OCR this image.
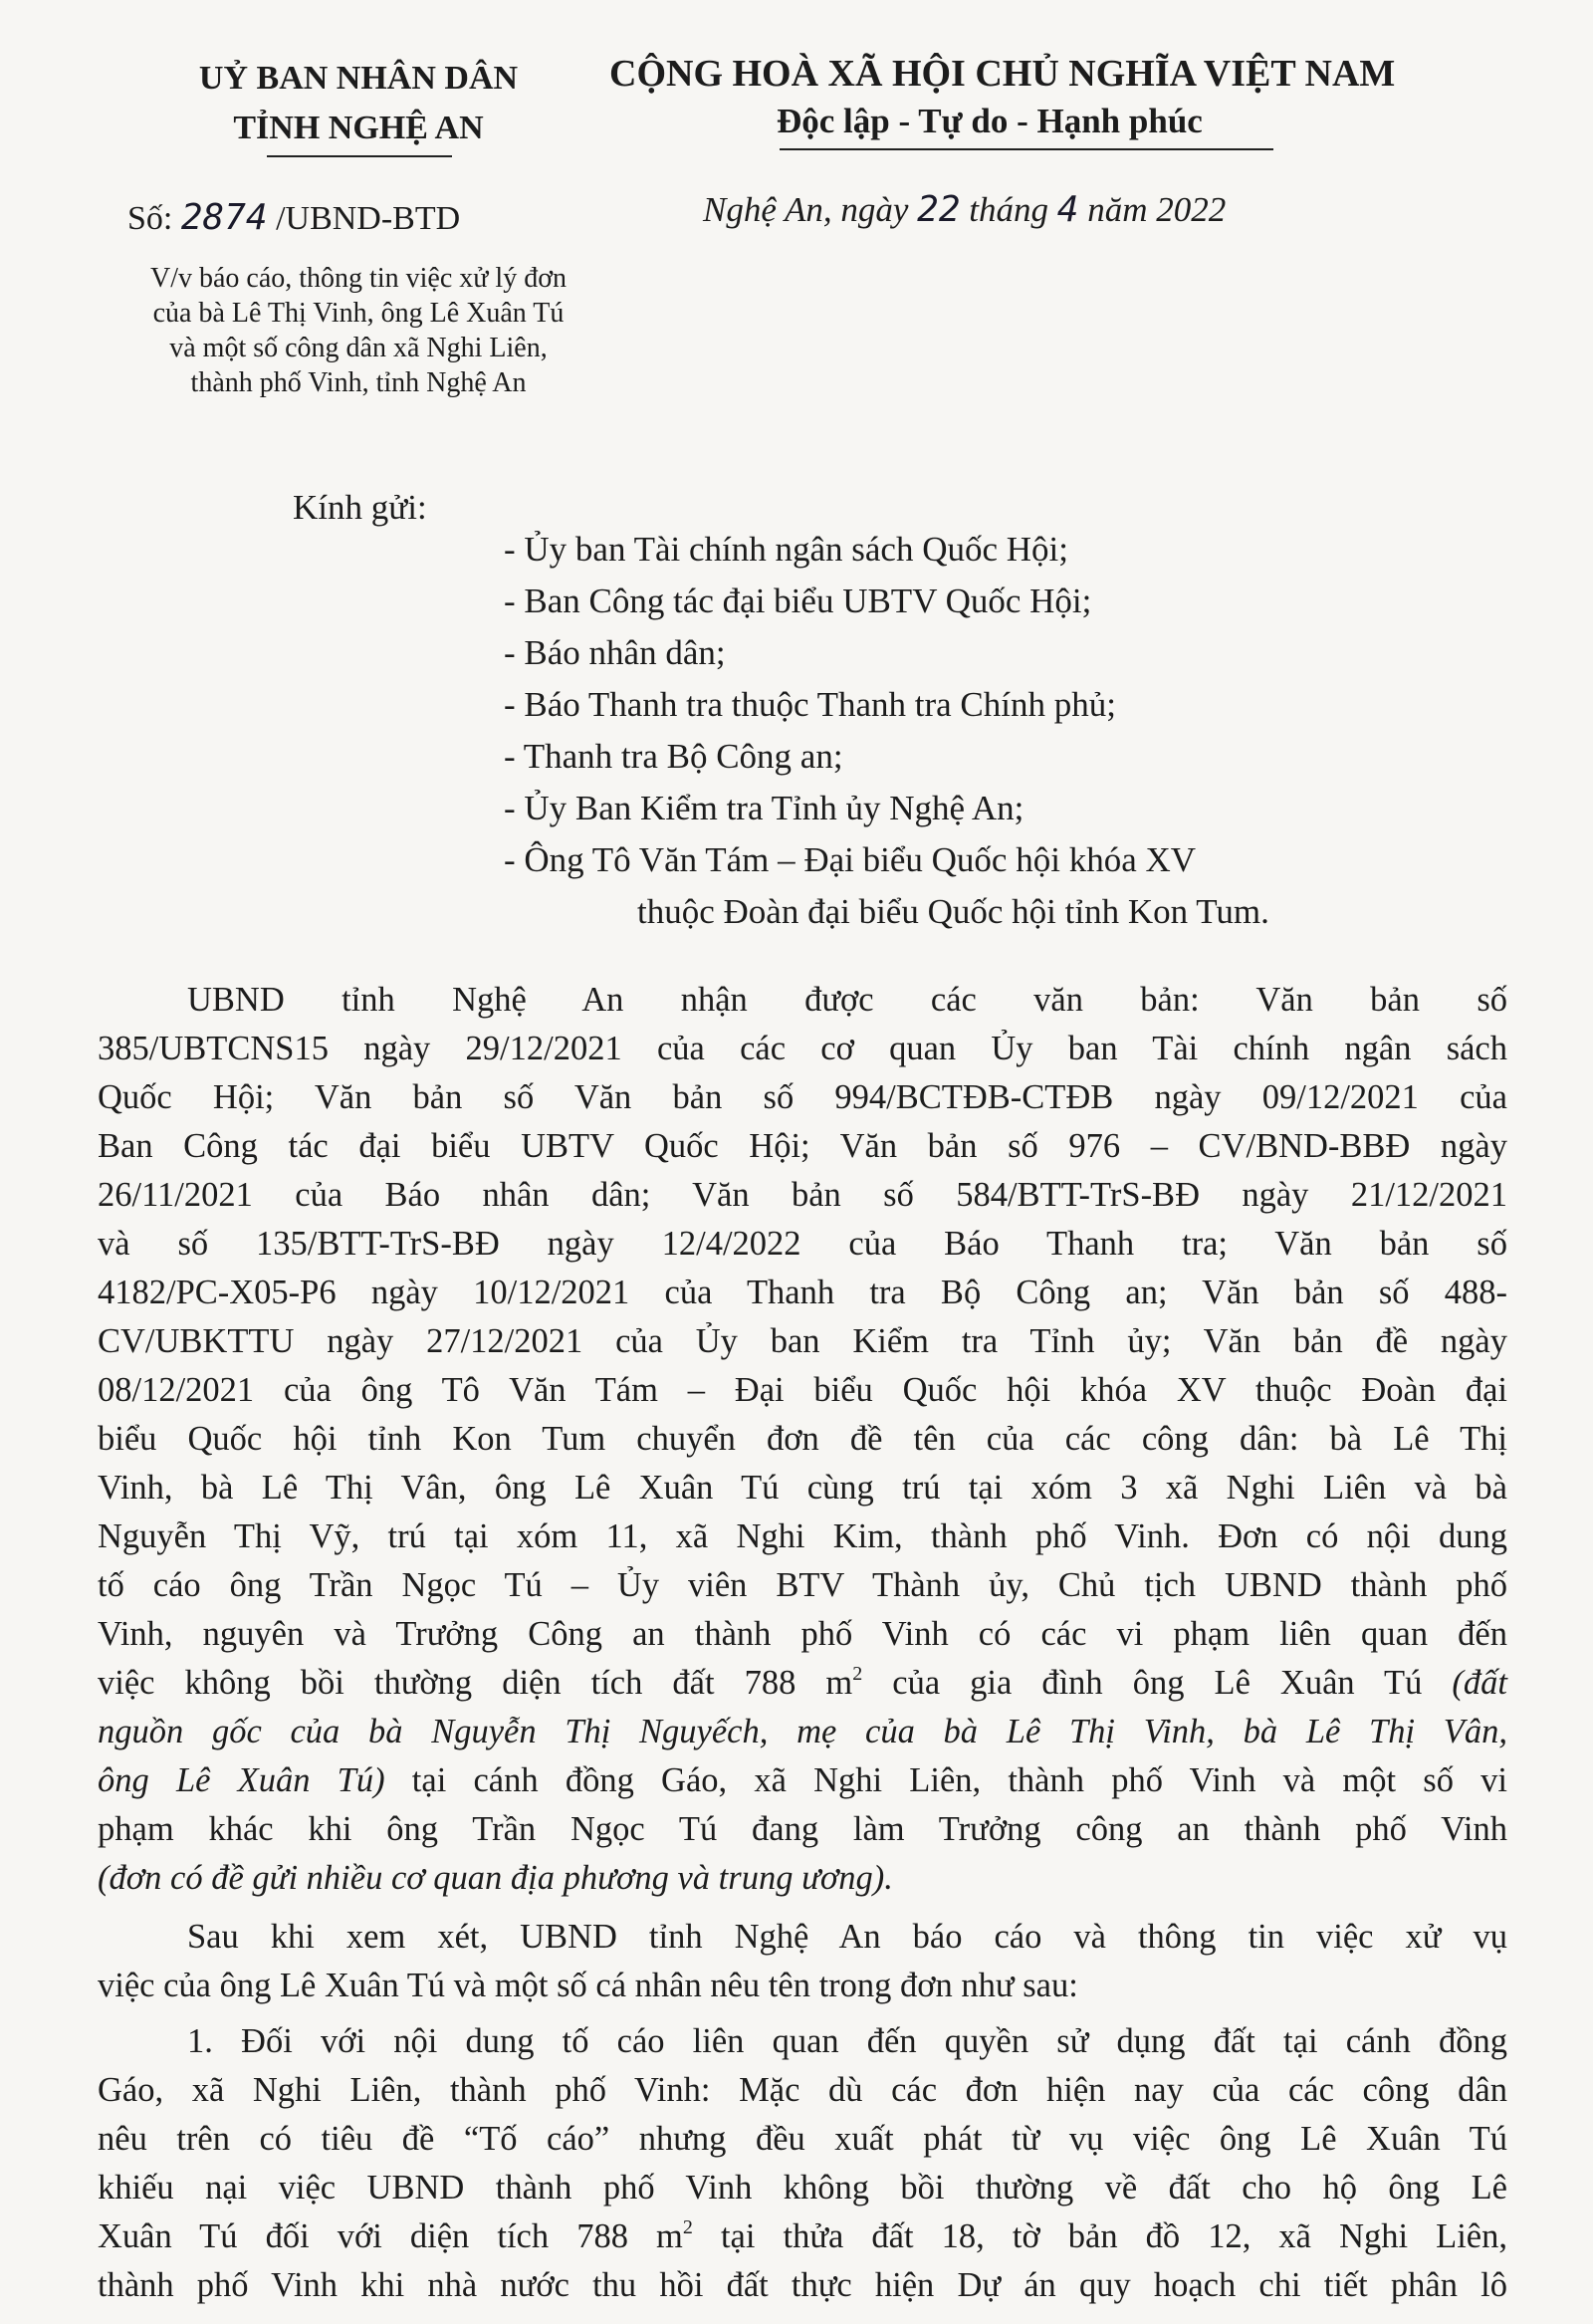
UỶ BAN NHÂN DÂN
TỈNH NGHỆ AN
CỘNG HOÀ XÃ HỘI CHỦ NGHĨA VIỆT NAM
Độc lập - Tự do - Hạnh phúc
Số: 2874 /UBND-BTD
V/v báo cáo, thông tin việc xử lý đơn
của bà Lê Thị Vinh, ông Lê Xuân Tú
và một số công dân xã Nghi Liên,
thành phố Vinh, tỉnh Nghệ An
Nghệ An, ngày 22 tháng 4 năm 2022
Kính gửi:
- Ủy ban Tài chính ngân sách Quốc Hội;
- Ban Công tác đại biểu UBTV Quốc Hội;
- Báo nhân dân;
- Báo Thanh tra thuộc Thanh tra Chính phủ;
- Thanh tra Bộ Công an;
- Ủy Ban Kiểm tra Tỉnh ủy Nghệ An;
- Ông Tô Văn Tám – Đại biểu Quốc hội khóa XV
thuộc Đoàn đại biểu Quốc hội tỉnh Kon Tum.
UBND tỉnh Nghệ An nhận được các văn bản: Văn bản số
385/UBTCNS15 ngày 29/12/2021 của các cơ quan Ủy ban Tài chính ngân sách
Quốc Hội; Văn bản số Văn bản số 994/BCTĐB-CTĐB ngày 09/12/2021 của
Ban Công tác đại biểu UBTV Quốc Hội; Văn bản số 976 – CV/BND-BBĐ ngày
26/11/2021 của Báo nhân dân; Văn bản số 584/BTT-TrS-BĐ ngày 21/12/2021
và số 135/BTT-TrS-BĐ ngày 12/4/2022 của Báo Thanh tra; Văn bản số
4182/PC-X05-P6 ngày 10/12/2021 của Thanh tra Bộ Công an; Văn bản số 488-
CV/UBKTTU ngày 27/12/2021 của Ủy ban Kiểm tra Tỉnh ủy; Văn bản đề ngày
08/12/2021 của ông Tô Văn Tám – Đại biểu Quốc hội khóa XV thuộc Đoàn đại
biểu Quốc hội tỉnh Kon Tum chuyển đơn đề tên của các công dân: bà Lê Thị
Vinh, bà Lê Thị Vân, ông Lê Xuân Tú cùng trú tại xóm 3 xã Nghi Liên và bà
Nguyễn Thị Vỹ, trú tại xóm 11, xã Nghi Kim, thành phố Vinh. Đơn có nội dung
tố cáo ông Trần Ngọc Tú – Ủy viên BTV Thành ủy, Chủ tịch UBND thành phố
Vinh, nguyên và Trưởng Công an thành phố Vinh có các vi phạm liên quan đến
việc không bồi thường diện tích đất 788 $m^2$ của gia đình ông Lê Xuân Tú (đất
nguồn gốc của bà Nguyễn Thị Nguyếch, mẹ của bà Lê Thị Vinh, bà Lê Thị Vân,
ông Lê Xuân Tú) tại cánh đồng Gáo, xã Nghi Liên, thành phố Vinh và một số vi
phạm khác khi ông Trần Ngọc Tú đang làm Trưởng công an thành phố Vinh
(đơn có đề gửi nhiều cơ quan địa phương và trung ương).
Sau khi xem xét, UBND tỉnh Nghệ An báo cáo và thông tin việc xử vụ
việc của ông Lê Xuân Tú và một số cá nhân nêu tên trong đơn như sau:
1. Đối với nội dung tố cáo liên quan đến quyền sử dụng đất tại cánh đồng
Gáo, xã Nghi Liên, thành phố Vinh: Mặc dù các đơn hiện nay của các công dân
nêu trên có tiêu đề “Tố cáo” nhưng đều xuất phát từ vụ việc ông Lê Xuân Tú
khiếu nại việc UBND thành phố Vinh không bồi thường về đất cho hộ ông Lê
Xuân Tú đối với diện tích 788 $m^2$ tại thửa đất 18, tờ bản đồ 12, xã Nghi Liên,
thành phố Vinh khi nhà nước thu hồi đất thực hiện Dự án quy hoạch chi tiết phân lô
